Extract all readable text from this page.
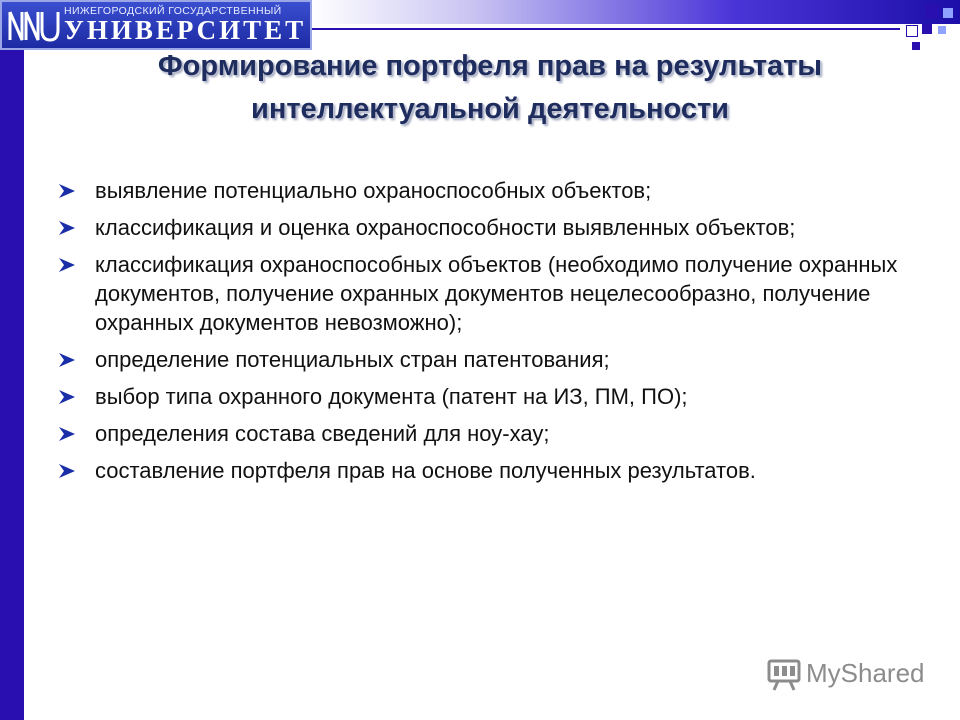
НИЖЕГОРОДСКИЙ ГОСУДАРСТВЕННЫЙ
УНИВЕРСИТЕТ
Формирование портфеля прав на результаты интеллектуальной деятельности
выявление потенциально охраноспособных объектов;
классификация и оценка охраноспособности выявленных объектов;
классификация охраноспособных объектов (необходимо получение охранных документов, получение охранных документов нецелесообразно, получение охранных документов невозможно);
определение потенциальных стран патентования;
выбор типа охранного документа (патент на ИЗ, ПМ, ПО);
определения состава сведений для ноу-хау;
составление портфеля прав на основе полученных результатов.
MyShared
